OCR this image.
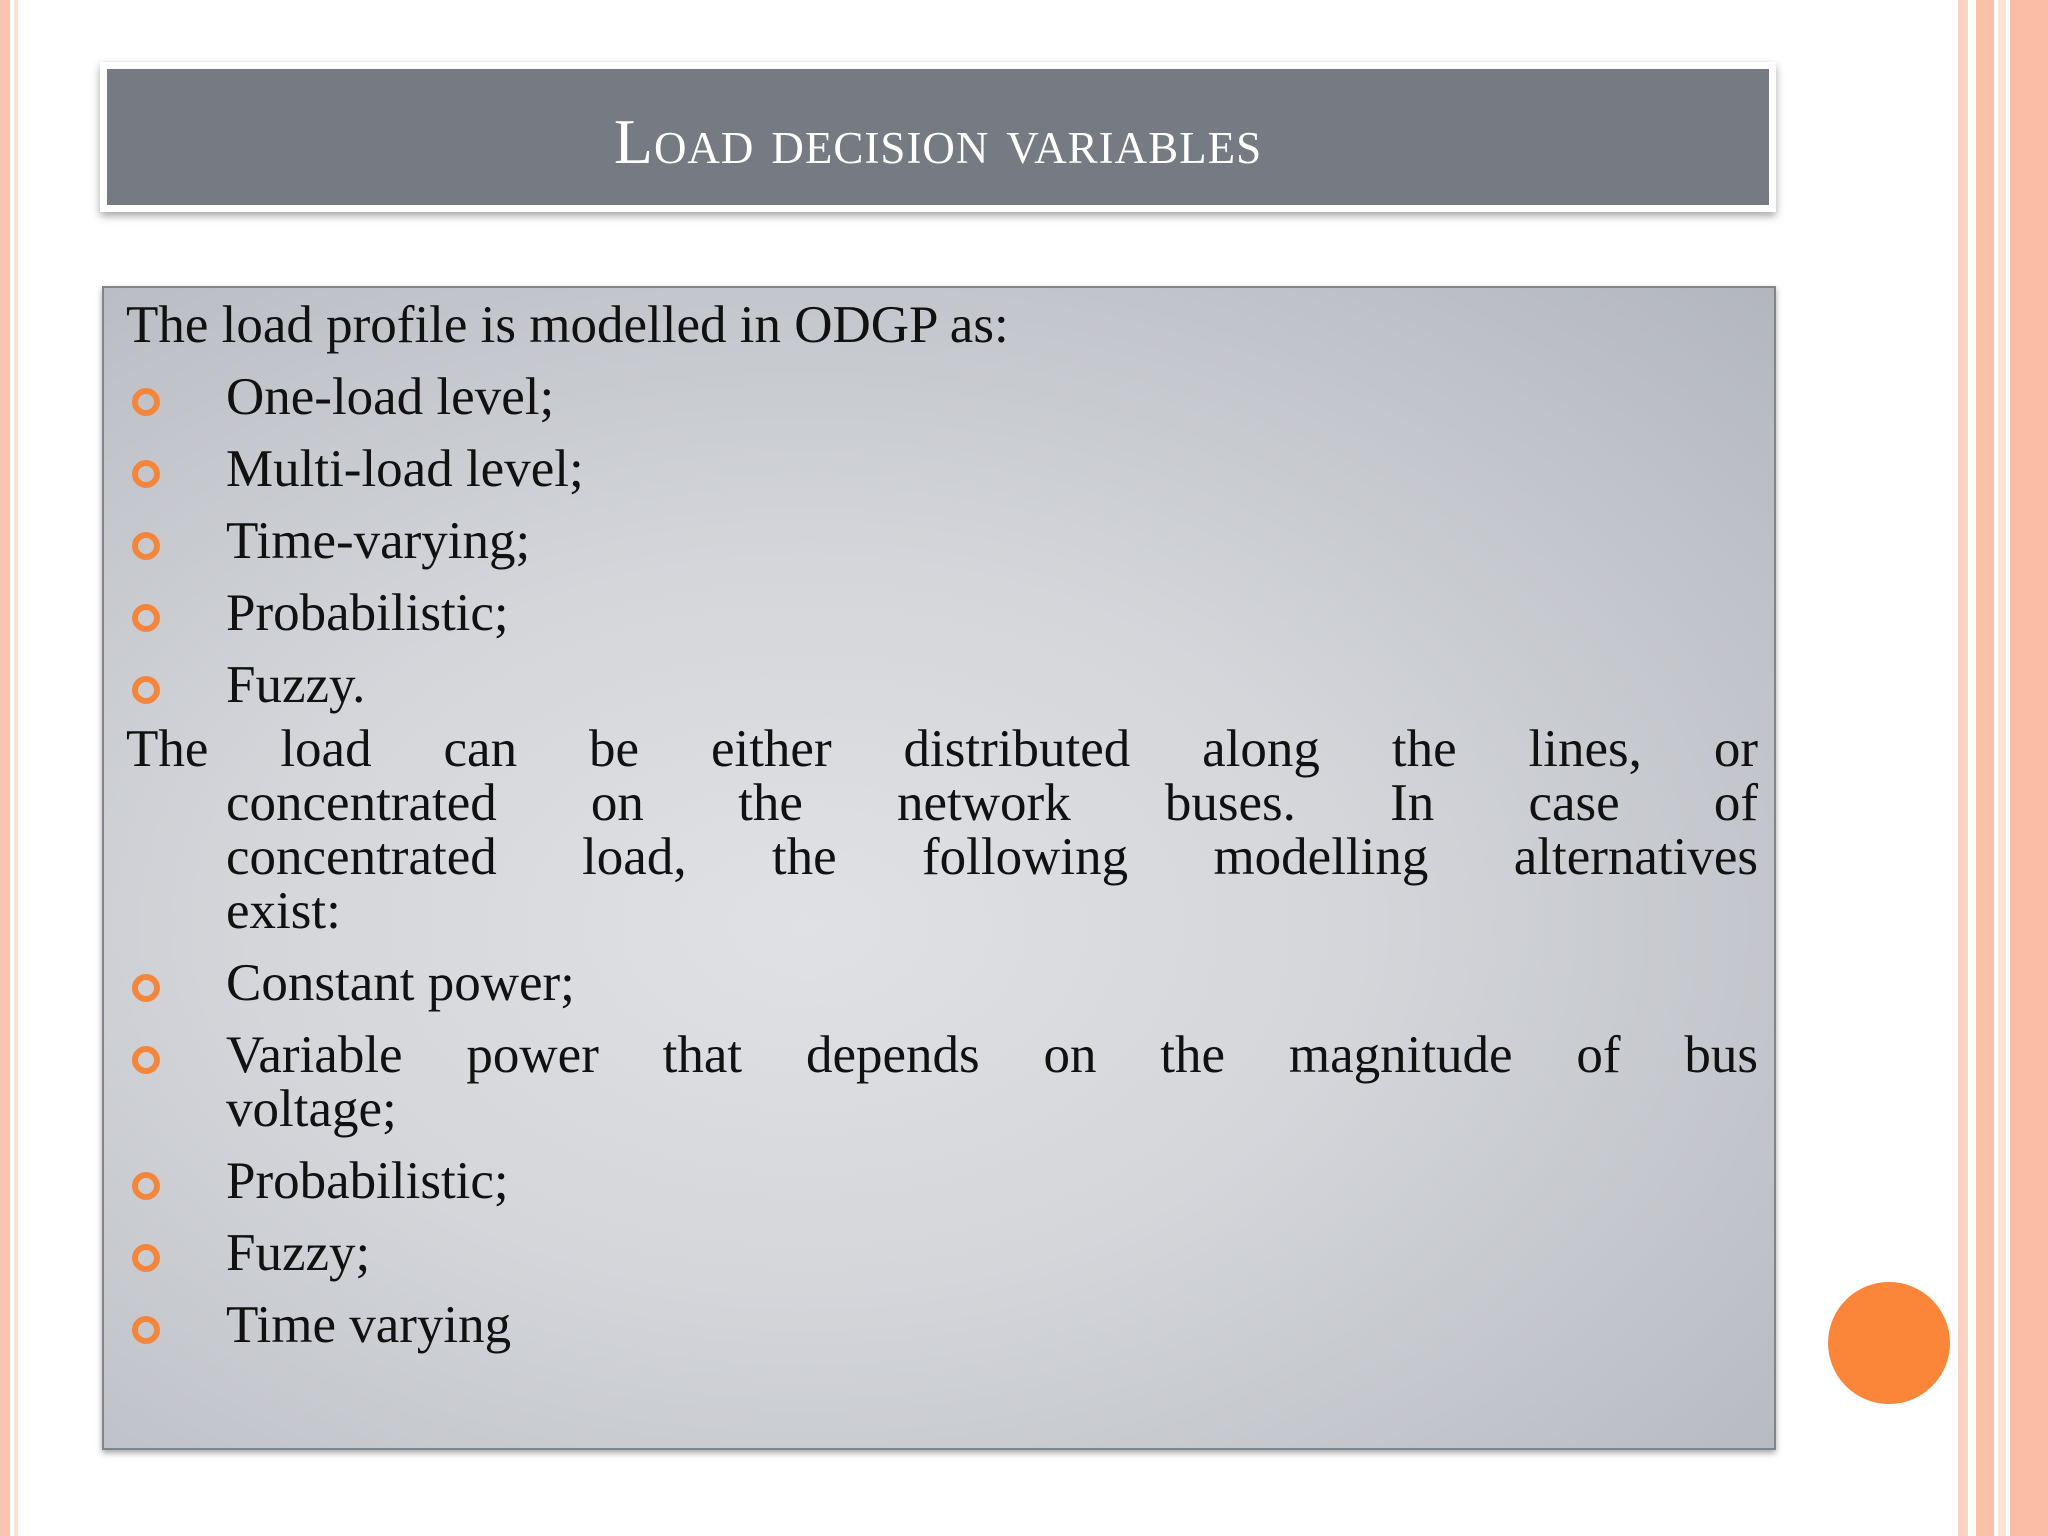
Load decision variables

The load profile is modelled in ODGP as:

One-load level;
Multi-load level;
Time-varying;
Probabilistic;
Fuzzy.
The load can be either distributed along the lines, or
concentrated on the network buses. In case of
concentrated load, the following modelling alternatives
exist:
Constant power;
Variable power that depends on the magnitude of bus
voltage;
Probabilistic;
Fuzzy;
Time varying
